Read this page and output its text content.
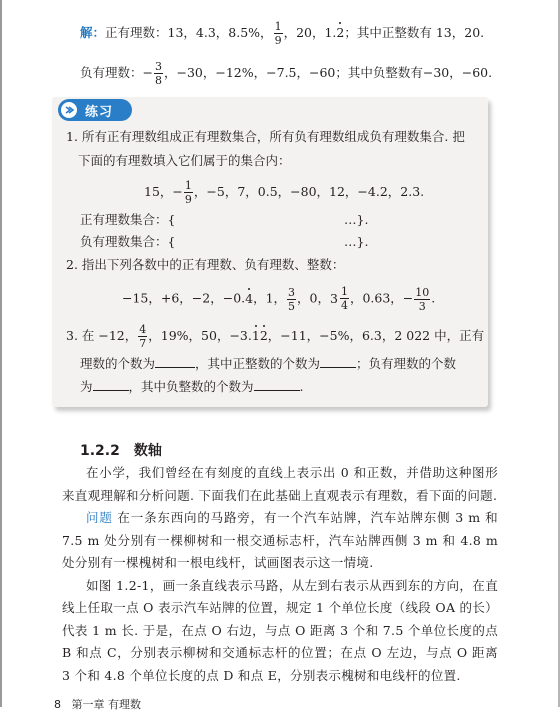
解：正有理数：13，4.3，8.5%， $\frac{1}{9}$ ，20，1.2；其中正整数有 13，20.
负有理数：− $\frac{3}{8}$ ，−30，−12%，−7.5，−60；其中负整数有−30，−60.
练习
1. 所有正有理数组成正有理数集合，所有负有理数组成负有理数集合. 把
下面的有理数填入它们属于的集合内：
15，− $\frac{1}{9}$ ，−5，7，0.5，−80，12，−4.2，2.3.
正有理数集合：{	…}.
负有理数集合：{	…}.
2. 指出下列各数中的正有理数、负有理数、整数：
−15，+6，−2，−0.4，1， $\frac{3}{5}$ ，0， $3 \frac{1}{4}$ ，0.63，− $\frac{10}{3}$ .
3. 在 −12， $\frac{4}{7}$ ，19%，50，−3.12，−11，−5%，6.3，2 022 中，正有
理数的个数为	，其中正整数的个数为	；负有理数的个数
为	，其中负整数的个数为	.
1.2.2 数轴

在小学，我们曾经在有刻度的直线上表示出 0 和正数，并借助这种图形来直观理解和分析问题. 下面我们在此基础上直观表示有理数，看下面的问题.

问题 在一条东西向的马路旁，有一个汽车站牌，汽车站牌东侧 3 m 和 7.5 m 处分别有一棵柳树和一根交通标志杆，汽车站牌西侧 3 m 和 4.8 m 处分别有一棵槐树和一根电线杆，试画图表示这一情境.

如图 1.2-1，画一条直线表示马路，从左到右表示从西到东的方向，在直线上任取一点 O 表示汽车站牌的位置，规定 1 个单位长度（线段 OA 的长）代表 1 m 长. 于是，在点 O 右边，与点 O 距离 3 个和 7.5 个单位长度的点 B 和点 C，分别表示柳树和交通标志杆的位置；在点 O 左边，与点 O 距离 3 个和 4.8 个单位长度的点 D 和点 E，分别表示槐树和电线杆的位置.

8 第一章 有理数
